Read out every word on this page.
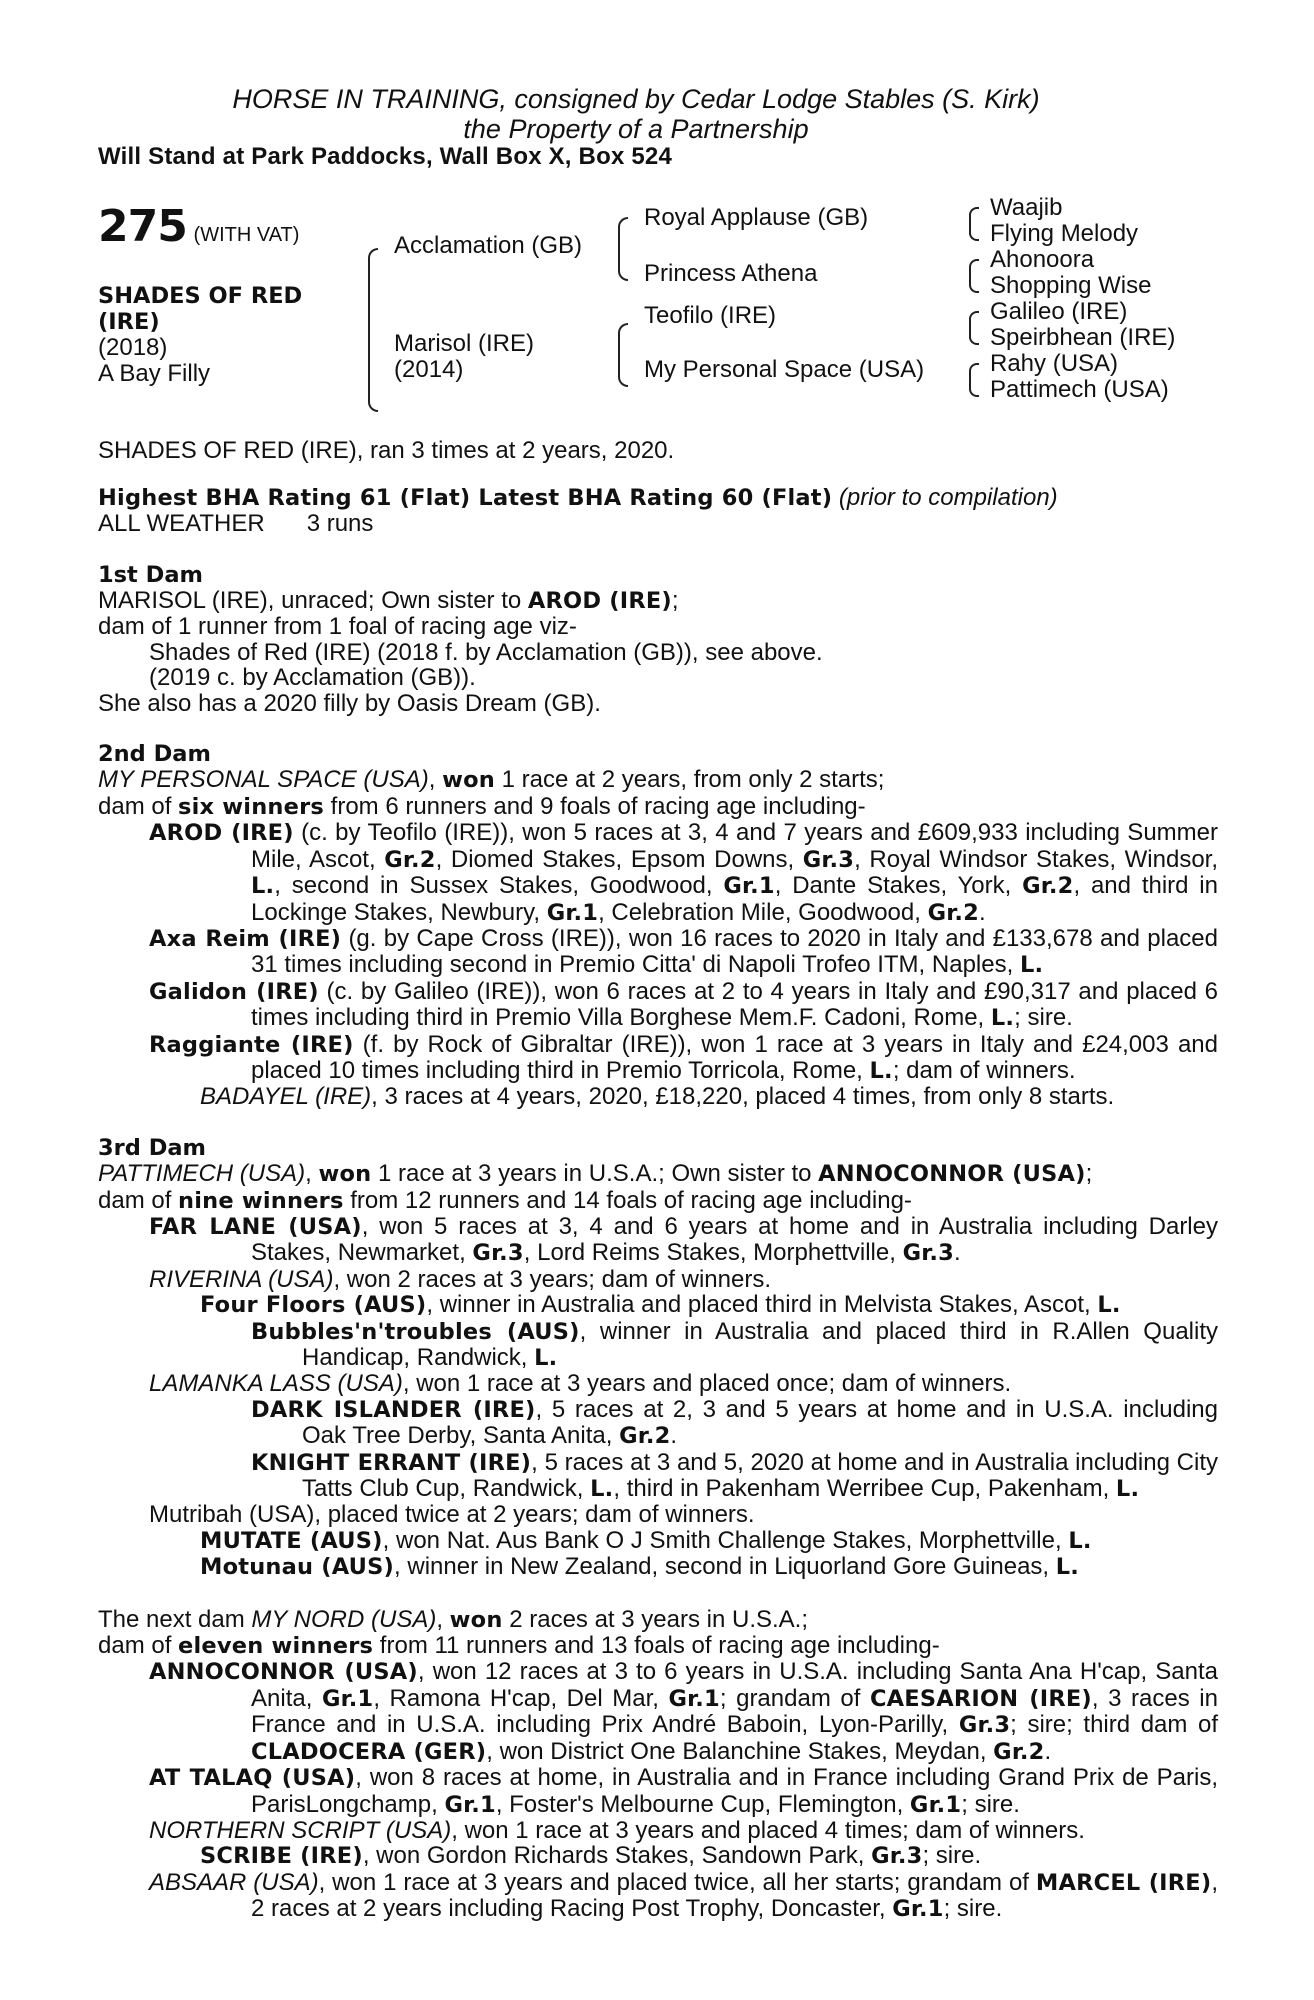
HORSE IN TRAINING, consigned by Cedar Lodge Stables (S. Kirk)
the Property of a Partnership
Will Stand at Park Paddocks, Wall Box X, Box 524
275 (WITH VAT)
SHADES OF RED
(IRE)
(2018)
A Bay Filly
Acclamation (GB)
Marisol (IRE)
(2014)
Royal Applause (GB)
Princess Athena
Teofilo (IRE)
My Personal Space (USA)
Waajib
Flying Melody
Ahonoora
Shopping Wise
Galileo (IRE)
Speirbhean (IRE)
Rahy (USA)
Pattimech (USA)

SHADES OF RED (IRE), ran 3 times at 2 years, 2020.

Highest BHA Rating 61 (Flat) Latest BHA Rating 60 (Flat) (prior to compilation)

ALL WEATHER 3 runs

1st Dam

MARISOL (IRE), unraced; Own sister to AROD (IRE);

dam of 1 runner from 1 foal of racing age viz-

Shades of Red (IRE) (2018 f. by Acclamation (GB)), see above.

(2019 c. by Acclamation (GB)).

She also has a 2020 filly by Oasis Dream (GB).

2nd Dam

MY PERSONAL SPACE (USA), won 1 race at 2 years, from only 2 starts;

dam of six winners from 6 runners and 9 foals of racing age including-

AROD (IRE) (c. by Teofilo (IRE)), won 5 races at 3, 4 and 7 years and £609,933 including Summer Mile, Ascot, Gr.2, Diomed Stakes, Epsom Downs, Gr.3, Royal Windsor Stakes, Windsor, L., second in Sussex Stakes, Goodwood, Gr.1, Dante Stakes, York, Gr.2, and third in Lockinge Stakes, Newbury, Gr.1, Celebration Mile, Goodwood, Gr.2.

Axa Reim (IRE) (g. by Cape Cross (IRE)), won 16 races to 2020 in Italy and £133,678 and placed 31 times including second in Premio Citta' di Napoli Trofeo ITM, Naples, L.

Galidon (IRE) (c. by Galileo (IRE)), won 6 races at 2 to 4 years in Italy and £90,317 and placed 6 times including third in Premio Villa Borghese Mem.F. Cadoni, Rome, L.; sire.

Raggiante (IRE) (f. by Rock of Gibraltar (IRE)), won 1 race at 3 years in Italy and £24,003 and placed 10 times including third in Premio Torricola, Rome, L.; dam of winners.

BADAYEL (IRE), 3 races at 4 years, 2020, £18,220, placed 4 times, from only 8 starts.

3rd Dam

PATTIMECH (USA), won 1 race at 3 years in U.S.A.; Own sister to ANNOCONNOR (USA);

dam of nine winners from 12 runners and 14 foals of racing age including-

FAR LANE (USA), won 5 races at 3, 4 and 6 years at home and in Australia including Darley Stakes, Newmarket, Gr.3, Lord Reims Stakes, Morphettville, Gr.3.

RIVERINA (USA), won 2 races at 3 years; dam of winners.

Four Floors (AUS), winner in Australia and placed third in Melvista Stakes, Ascot, L.

Bubbles'n'troubles (AUS), winner in Australia and placed third in R.Allen Quality Handicap, Randwick, L.

LAMANKA LASS (USA), won 1 race at 3 years and placed once; dam of winners.

DARK ISLANDER (IRE), 5 races at 2, 3 and 5 years at home and in U.S.A. including Oak Tree Derby, Santa Anita, Gr.2.

KNIGHT ERRANT (IRE), 5 races at 3 and 5, 2020 at home and in Australia including City Tatts Club Cup, Randwick, L., third in Pakenham Werribee Cup, Pakenham, L.

Mutribah (USA), placed twice at 2 years; dam of winners.

MUTATE (AUS), won Nat. Aus Bank O J Smith Challenge Stakes, Morphettville, L.

Motunau (AUS), winner in New Zealand, second in Liquorland Gore Guineas, L.

The next dam MY NORD (USA), won 2 races at 3 years in U.S.A.;

dam of eleven winners from 11 runners and 13 foals of racing age including-

ANNOCONNOR (USA), won 12 races at 3 to 6 years in U.S.A. including Santa Ana H'cap, Santa Anita, Gr.1, Ramona H'cap, Del Mar, Gr.1; grandam of CAESARION (IRE), 3 races in France and in U.S.A. including Prix André Baboin, Lyon-Parilly, Gr.3; sire; third dam of CLADOCERA (GER), won District One Balanchine Stakes, Meydan, Gr.2.

AT TALAQ (USA), won 8 races at home, in Australia and in France including Grand Prix de Paris, ParisLongchamp, Gr.1, Foster's Melbourne Cup, Flemington, Gr.1; sire.

NORTHERN SCRIPT (USA), won 1 race at 3 years and placed 4 times; dam of winners.

SCRIBE (IRE), won Gordon Richards Stakes, Sandown Park, Gr.3; sire.

ABSAAR (USA), won 1 race at 3 years and placed twice, all her starts; grandam of MARCEL (IRE), 2 races at 2 years including Racing Post Trophy, Doncaster, Gr.1; sire.
